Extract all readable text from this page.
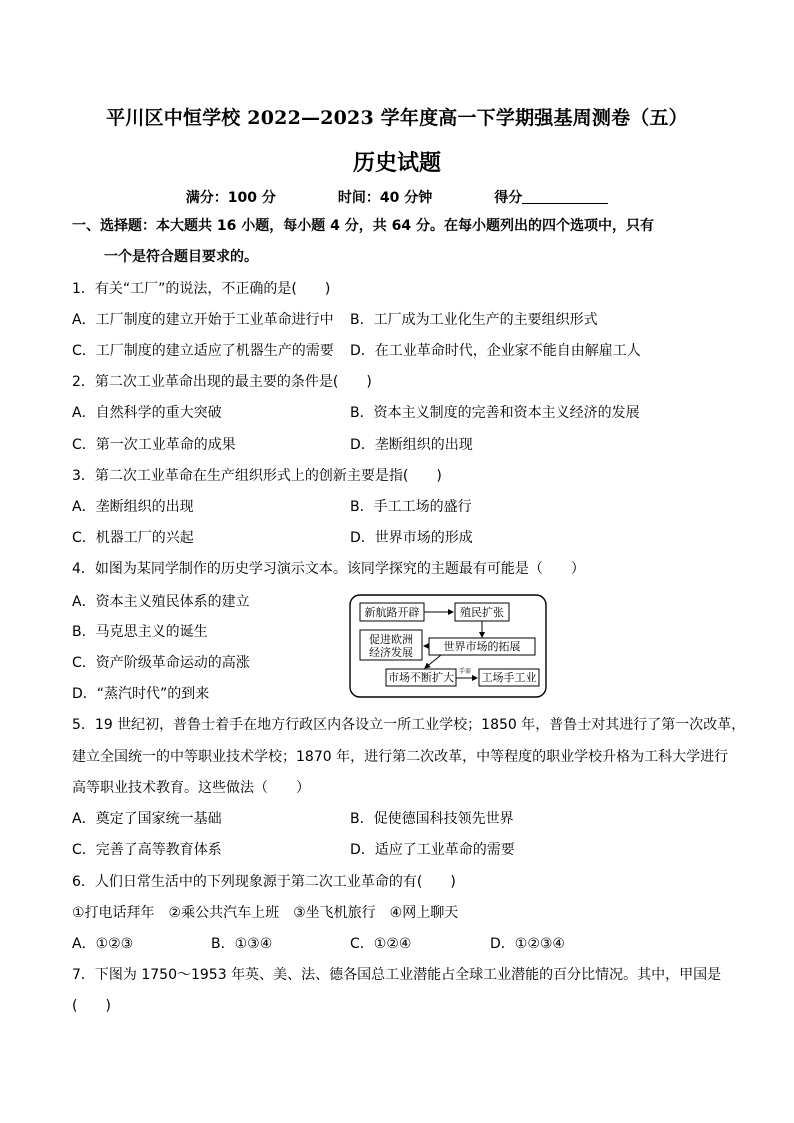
平川区中恒学校 2022—2023 学年度高一下学期强基周测卷（五）
历史试题
满分：100 分	时间：40 分钟	得分
一、选择题：本大题共 16 小题，每小题 4 分，共 64 分。在每小题列出的四个选项中，只有
一个是符合题目要求的。
1．有关“工厂”的说法，不正确的是(　　)
A．工厂制度的建立开始于工业革命进行中 B．工厂成为工业化生产的主要组织形式
C．工厂制度的建立适应了机器生产的需要 D．在工业革命时代，企业家不能自由解雇工人
2．第二次工业革命出现的最主要的条件是(　　)
A．自然科学的重大突破	B．资本主义制度的完善和资本主义经济的发展
C．第一次工业革命的成果	D．垄断组织的出现
3．第二次工业革命在生产组织形式上的创新主要是指(　　)
A．垄断组织的出现	B．手工工场的盛行
C．机器工厂的兴起	D．世界市场的形成
4．如图为某同学制作的历史学习演示文本。该同学探究的主题最有可能是（　　）
A．资本主义殖民体系的建立
B．马克思主义的诞生
C．资产阶级革命运动的高涨
D．“蒸汽时代”的到来
新航路开辟	殖民扩张
促进欧洲
经济发展	世界市场的拓展
市场不断扩大 手需 工场手工业
5．19 世纪初，普鲁士着手在地方行政区内各设立一所工业学校；1850 年，普鲁士对其进行了第一次改革，
建立全国统一的中等职业技术学校；1870 年，进行第二次改革，中等程度的职业学校升格为工科大学进行
高等职业技术教育。这些做法（　　）
A．奠定了国家统一基础	B．促使德国科技领先世界
C．完善了高等教育体系	D．适应了工业革命的需要
6．人们日常生活中的下列现象源于第二次工业革命的有(　　)
①打电话拜年　②乘公共汽车上班　③坐飞机旅行　④网上聊天
A．①②③	B．①③④	C．①②④	D．①②③④
7．下图为 1750～1953 年英、美、法、德各国总工业潜能占全球工业潜能的百分比情况。其中，甲国是
(　　)
